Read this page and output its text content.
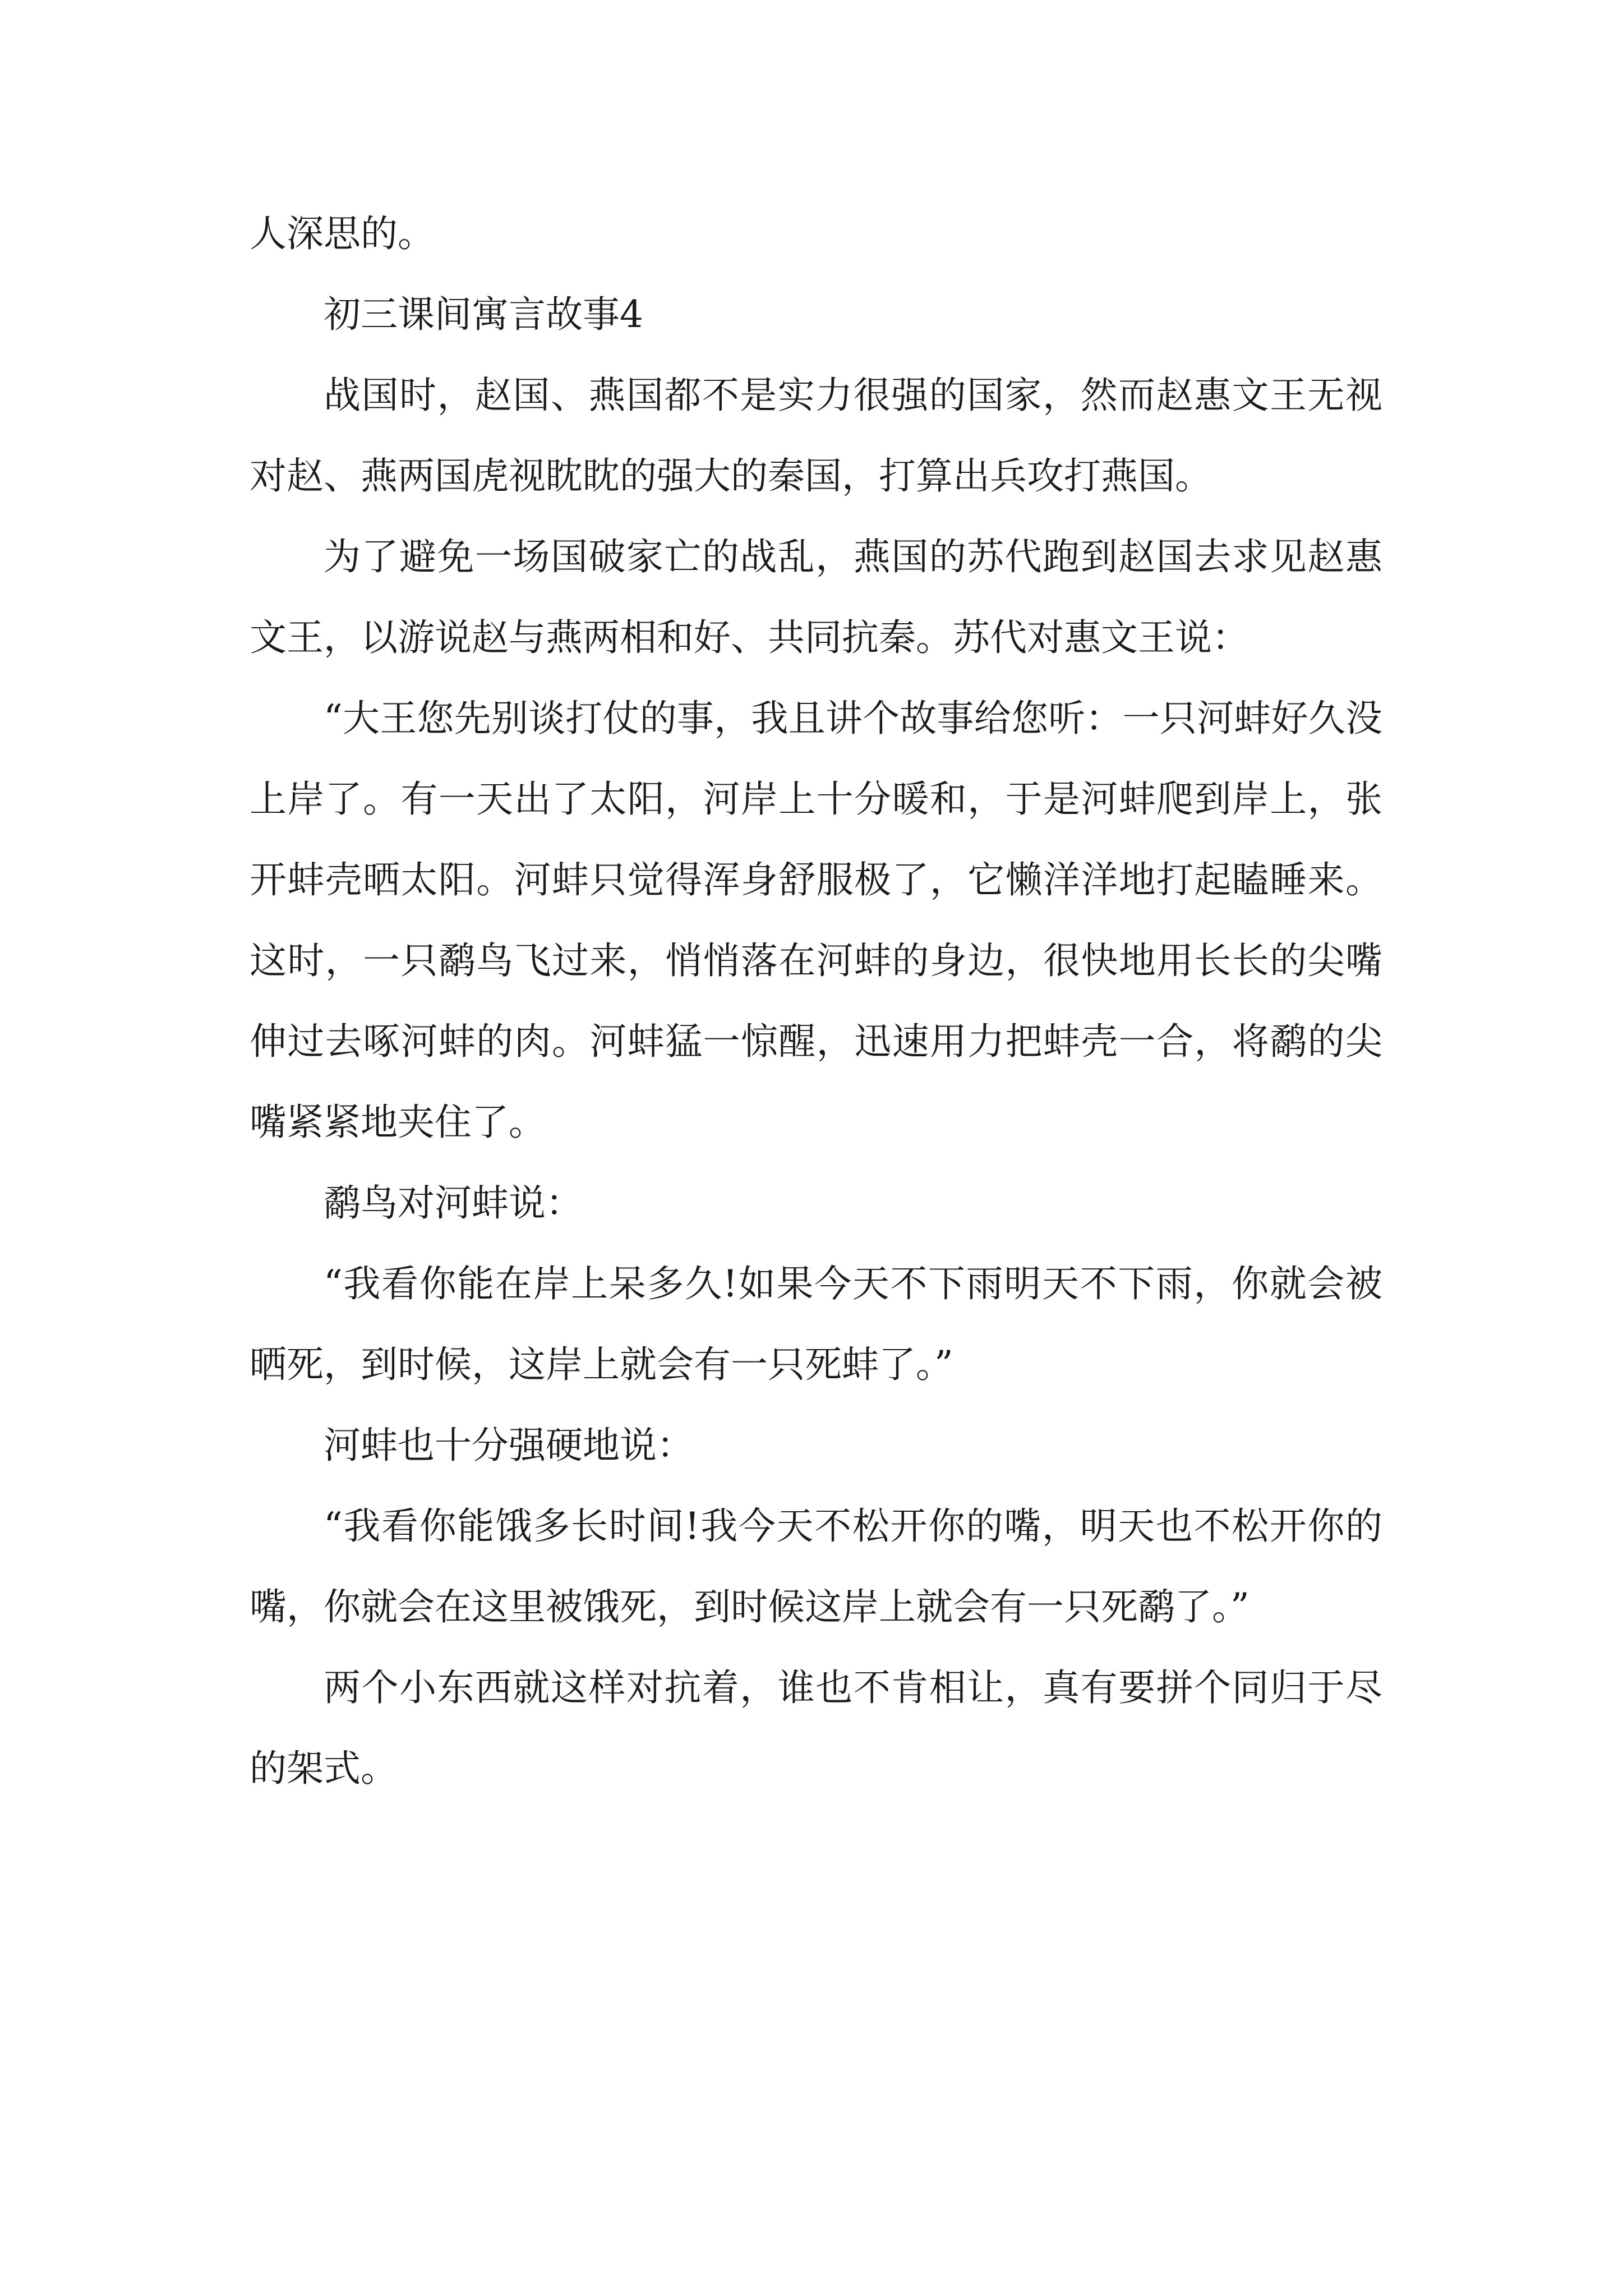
人深思的。

初三课间寓言故事4

战国时，赵国、燕国都不是实力很强的国家，然而赵惠文王无视对赵、燕两国虎视眈眈的强大的秦国，打算出兵攻打燕国。

为了避免一场国破家亡的战乱，燕国的苏代跑到赵国去求见赵惠文王，以游说赵与燕两相和好、共同抗秦。苏代对惠文王说：

“大王您先别谈打仗的事，我且讲个故事给您听：一只河蚌好久没上岸了。有一天出了太阳，河岸上十分暖和，于是河蚌爬到岸上，张开蚌壳晒太阳。河蚌只觉得浑身舒服极了，它懒洋洋地打起瞌睡来。这时，一只鹬鸟飞过来，悄悄落在河蚌的身边，很快地用长长的尖嘴伸过去啄河蚌的肉。河蚌猛一惊醒，迅速用力把蚌壳一合，将鹬的尖嘴紧紧地夹住了。

鹬鸟对河蚌说：

“我看你能在岸上呆多久!如果今天不下雨明天不下雨，你就会被晒死，到时候，这岸上就会有一只死蚌了。”

河蚌也十分强硬地说：

“我看你能饿多长时间!我今天不松开你的嘴，明天也不松开你的嘴，你就会在这里被饿死，到时候这岸上就会有一只死鹬了。”

两个小东西就这样对抗着，谁也不肯相让，真有要拼个同归于尽的架式。
